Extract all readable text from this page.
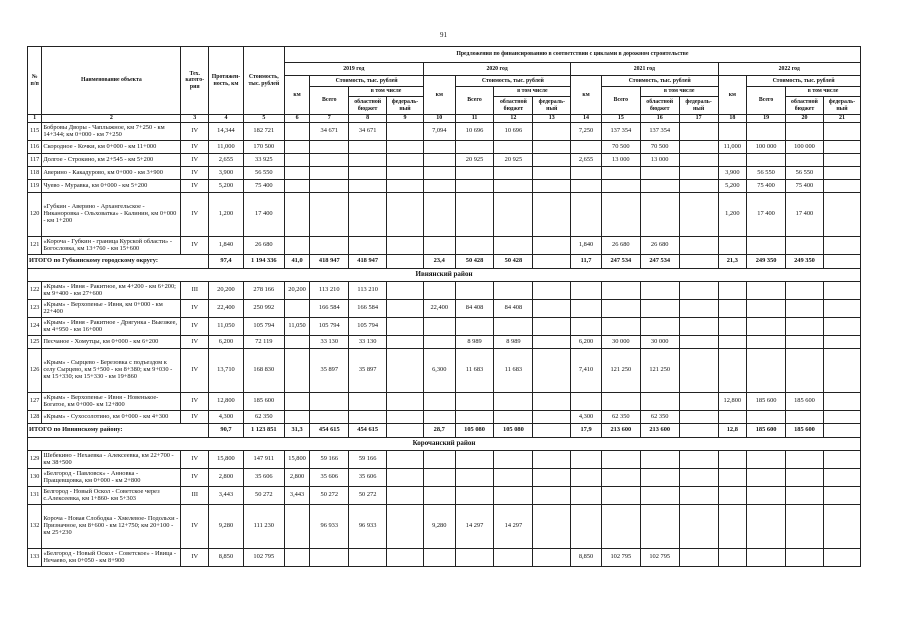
91
№ п/п	Наименование объекта	Тех. катего-рия	Протяжен-ность, км	Стоимость, тыс. рублей	Предложения по финансированию в соответствии с циклами в дорожном строительстве															
					2019 год				2020 год				2021 год				2022 год			
					км	Стоимость, тыс. рублей			км	Стоимость, тыс. рублей			км	Стоимость, тыс. рублей			км	Стоимость, тыс. рублей		
						Всего	в том числе			Всего	в том числе			Всего	в том числе			Всего	в том числе	
							областной бюджет	федераль-ный			областной бюджет	федераль-ный			областной бюджет	федераль-ный			областной бюджет	федераль-ный
1	2	3	4	5	6	7	8	9	10	11	12	13	14	15	16	17	18	19	20	21
115	Бобровы Дворы - Чаплыжное, км 7+250 - км 14+344; км 0+000 - км 7+250	IV	14,344	182 721		34 671	34 671		7,094	10 696	10 696		7,250	137 354	137 354					
116	Скородное - Кочки, км 0+000 - км 11+000	IV	11,000	170 500										70 500	70 500		11,000	100 000	100 000	
117	Долгое - Строкино, км 2+545 - км 5+200	IV	2,655	33 925						20 925	20 925		2,655	13 000	13 000					
118	Аверино - Какадурово, км 0+000 - км 3+900	IV	3,900	56 550													3,900	56 550	56 550	
119	Чуево - Муравка, км 0+000 - км 5+200	IV	5,200	75 400													5,200	75 400	75 400	
120	«Губкин - Аверино - Архангельское - Никаноровка - Ольховатка» - Калинин, км 0+000 - км 1+200	IV	1,200	17 400													1,200	17 400	17 400	
121	«Короча - Губкин - граница Курской области» - Богословка, км 13+760 - км 15+600	IV	1,840	26 680									1,840	26 680	26 680					
ИТОГО по Губкинскому городскому округу:			97,4	1 194 336	41,0	418 947	418 947		23,4	50 428	50 428		11,7	247 534	247 534		21,3	249 350	249 350	
Ивнянский район																				
122	«Крым» - Ивня - Ракитное, км 4+200 - км 6+200; км 9+400 - км 27+600	III	20,200	278 166	20,200	113 210	113 210													
123	«Крым» - Верхопенье - Ивня, км 0+000 - км 22+400	IV	22,400	250 992		166 584	166 584		22,400	84 408	84 408									
124	«Крым» - Ивня - Ракитное - Дрягунка - Выезжее, км 4+950 - км 16+000	IV	11,050	105 794	11,050	105 794	105 794													
125	Песчаное - Хомутцы, км 0+000 - км 6+200	IV	6,200	72 119		33 130	33 130			8 989	8 989		6,200	30 000	30 000					
126	«Крым» - Сырцево - Березовка с подъездом к селу Сырцево, км 5+500 - км 8+380; км 9+030 - км 15+330; км 15+330 - км 19+860	IV	13,710	168 830		35 897	35 897		6,300	11 683	11 683		7,410	121 250	121 250					
127	«Крым» - Верхопенье - Ивня - Новенькое- Богатое, км 0+000- км 12+800	IV	12,800	185 600													12,800	185 600	185 600	
128	«Крым» - Сухосолотино, км 0+000 - км 4+300	IV	4,300	62 350									4,300	62 350	62 350					
ИТОГО по Ивнянскому району:			90,7	1 123 851	31,3	454 615	454 615		28,7	105 080	105 080		17,9	213 600	213 600		12,8	185 600	185 600	
Корочанский район																				
129	Шебекино - Нехаевка - Алексеевка, км 22+700 - км 38+500	IV	15,800	147 911	15,800	59 166	59 166													
130	«Белгород - Павловск» - Анновка - Пращевщовка, км 0+000 - км 2+800	IV	2,800	35 606	2,800	35 606	35 606													
131	Белгород - Новый Оскол - Советское через с.Алексеевка, км 1+860- км 5+303	III	3,443	50 272	3,443	50 272	50 272													
132	Короча - Новая Слободка - Хмелевое- Подольхи - Призначное, км 8+600 - км 12+750; км 20+100 - км 25+230	IV	9,280	111 230		96 933	96 933		9,280	14 297	14 297									
133	«Белгород - Новый Оскол - Советское» - Ивица - Нечаево, км 0+050 - км 8+900	IV	8,850	102 795									8,850	102 795	102 795					
